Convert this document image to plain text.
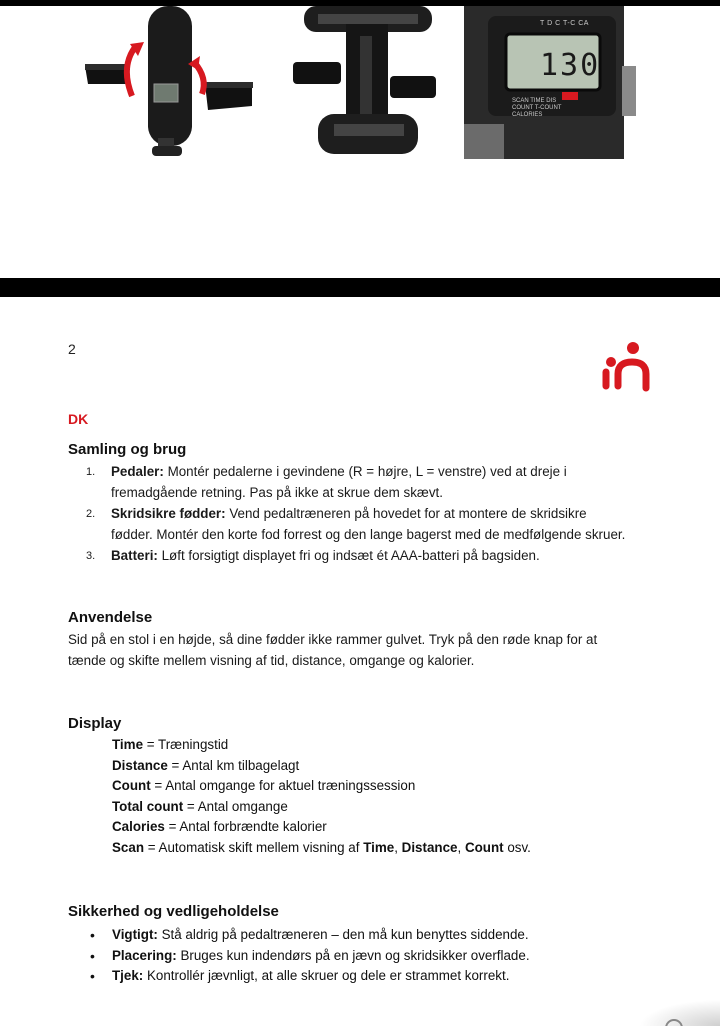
T D C T-C CA
130
SCAN TIME DIS COUNT T-COUNT CALORIES
2
DK
Samling og brug
1.	Pedaler: Montér pedalerne i gevindene (R = højre, L = venstre) ved at dreje i
fremadgående retning. Pas på ikke at skrue dem skævt.
2.	Skridsikre fødder: Vend pedaltræneren på hovedet for at montere de skridsikre
fødder. Montér den korte fod forrest og den lange bagerst med de medfølgende skruer.
3.	Batteri: Løft forsigtigt displayet fri og indsæt ét AAA-batteri på bagsiden.
Anvendelse
Sid på en stol i en højde, så dine fødder ikke rammer gulvet. Tryk på den røde knap for at
tænde og skifte mellem visning af tid, distance, omgange og kalorier.
Display
Time = Træningstid
Distance = Antal km tilbagelagt
Count = Antal omgange for aktuel træningssession
Total count = Antal omgange
Calories = Antal forbrændte kalorier
Scan = Automatisk skift mellem visning af Time, Distance, Count osv.
Sikkerhed og vedligeholdelse
•	Vigtigt: Stå aldrig på pedaltræneren – den må kun benyttes siddende.
•	Placering: Bruges kun indendørs på en jævn og skridsikker overflade.
•	Tjek: Kontrollér jævnligt, at alle skruer og dele er strammet korrekt.
